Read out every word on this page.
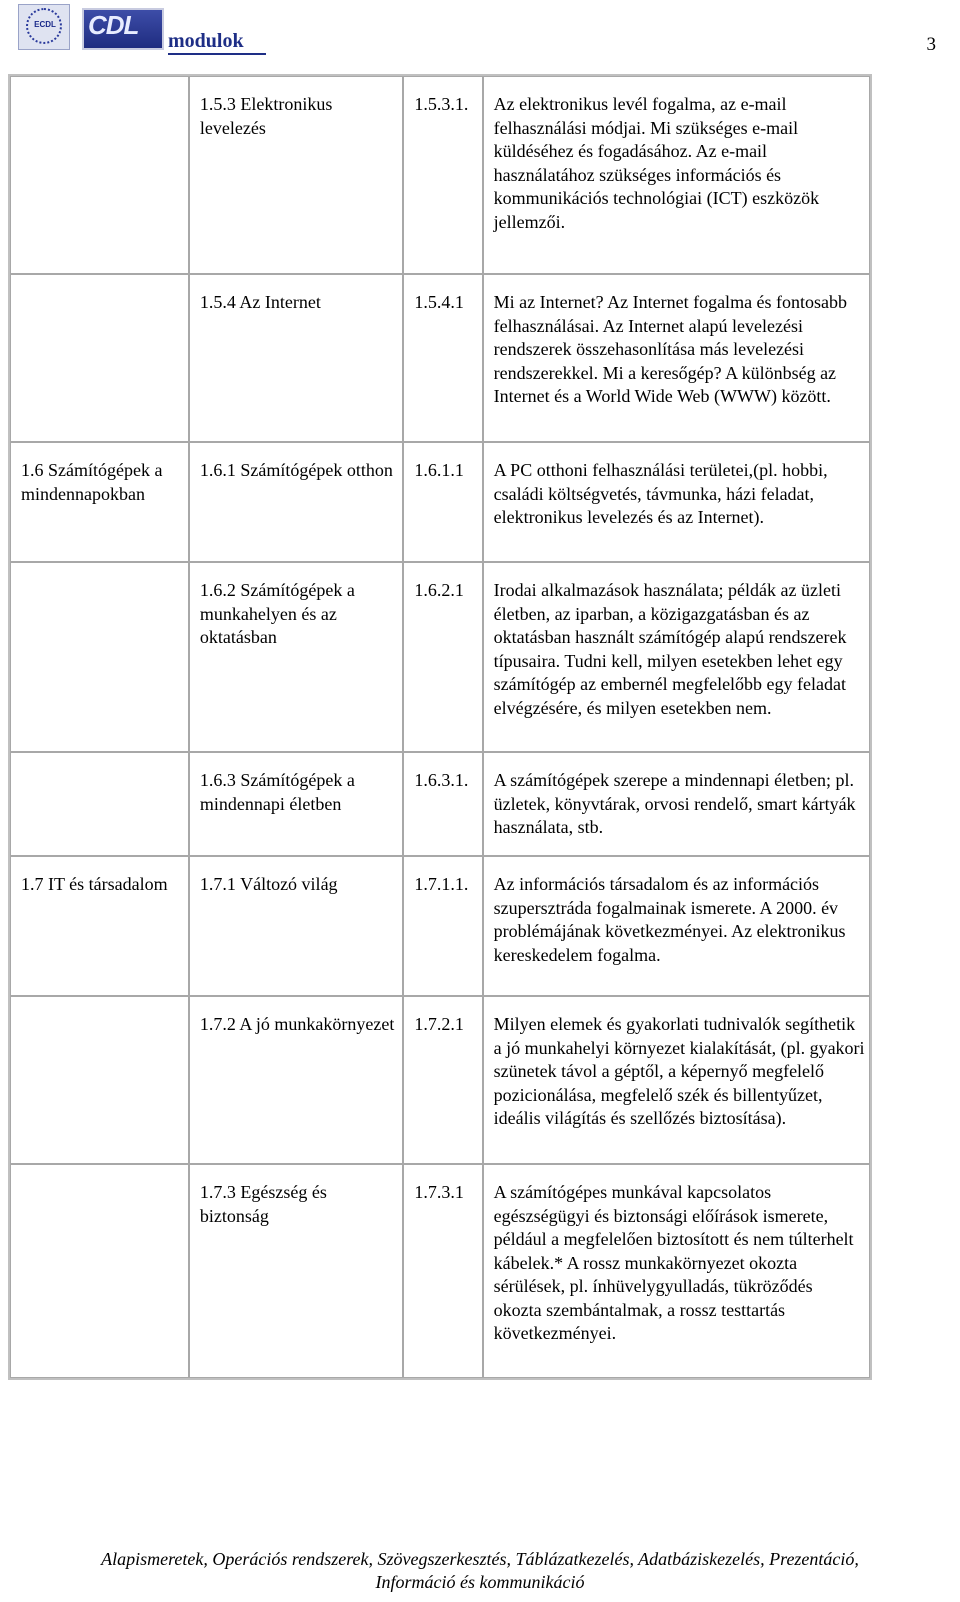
ECDL	CDL
modulok	3
	1.5.3 Elektronikus levelezés	1.5.3.1.	Az elektronikus levél fogalma, az e-mail felhasználási módjai. Mi szükséges e-mail küldéséhez és fogadásához. Az e-mail használatához szükséges információs és kommunikációs technológiai (ICT) eszközök jellemzői.
	1.5.4 Az Internet	1.5.4.1	Mi az Internet? Az Internet fogalma és fontosabb felhasználásai. Az Internet alapú levelezési rendszerek összehasonlítása más levelezési rendszerekkel. Mi a keresőgép? A különbség az Internet és a World Wide Web (WWW) között.
1.6 Számítógépek a mindennapokban	1.6.1 Számítógépek otthon	1.6.1.1	A PC otthoni felhasználási területei,(pl. hobbi, családi költségvetés, távmunka, házi feladat, elektronikus levelezés és az Internet).
	1.6.2 Számítógépek a munkahelyen és az oktatásban	1.6.2.1	Irodai alkalmazások használata; példák az üzleti életben, az iparban, a közigazgatásban és az oktatásban használt számítógép alapú rendszerek típusaira. Tudni kell, milyen esetekben lehet egy számítógép az embernél megfelelőbb egy feladat elvégzésére, és milyen esetekben nem.
	1.6.3 Számítógépek a mindennapi életben	1.6.3.1.	A számítógépek szerepe a mindennapi életben; pl. üzletek, könyvtárak, orvosi rendelő, smart kártyák használata, stb.
1.7 IT és társadalom	1.7.1 Változó világ	1.7.1.1.	Az információs társadalom és az információs szupersztráda fogalmainak ismerete. A 2000. év problémájának következményei. Az elektronikus kereskedelem fogalma.
	1.7.2 A jó munkakörnyezet	1.7.2.1	Milyen elemek és gyakorlati tudnivalók segíthetik a jó munkahelyi környezet kialakítását, (pl. gyakori szünetek távol a géptől, a képernyő megfelelő pozicionálása, megfelelő szék és billentyűzet, ideális világítás és szellőzés biztosítása).
	1.7.3 Egészség és biztonság	1.7.3.1	A számítógépes munkával kapcsolatos egészségügyi és biztonsági előírások ismerete, például a megfelelően biztosított és nem túlterhelt kábelek.* A rossz munkakörnyezet okozta sérülések, pl. ínhüvelygyulladás, tükröződés okozta szembántalmak, a rossz testtartás következményei.
Alapismeretek, Operációs rendszerek, Szövegszerkesztés, Táblázatkezelés, Adatbáziskezelés, Prezentáció,
Információ és kommunikáció
